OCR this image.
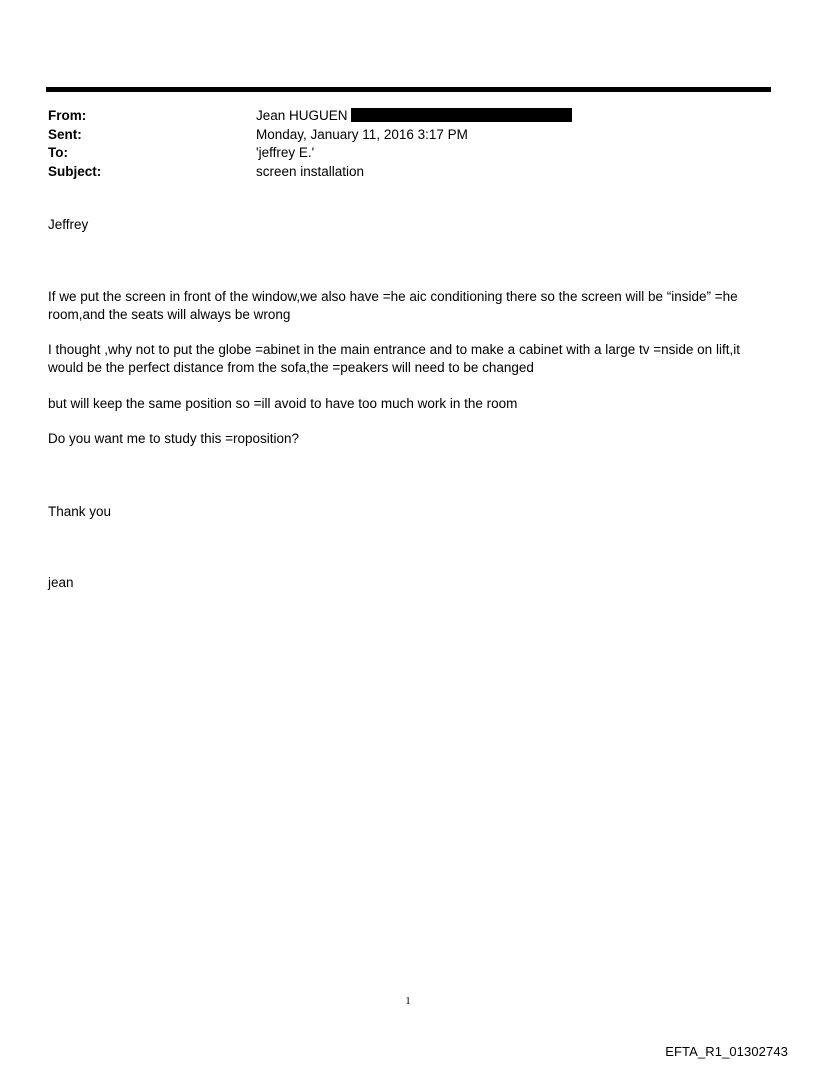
From:	Jean HUGUEN
Sent:	Monday, January 11, 2016 3:17 PM
To:	'jeffrey E.'
Subject:	screen installation

Jeffrey

If we put the screen in front of the window,we also have =he aic conditioning there so the screen will be “inside” =he room,and the seats will always be wrong

I thought ,why not to put the globe =abinet in the main entrance and to make a cabinet with a large tv =nside on lift,it would be the perfect distance from the sofa,the =peakers will need to be changed

but will keep the same position so =ill avoid to have too much work in the room

Do you want me to study this =roposition?

Thank you

jean

1
EFTA_R1_01302743
